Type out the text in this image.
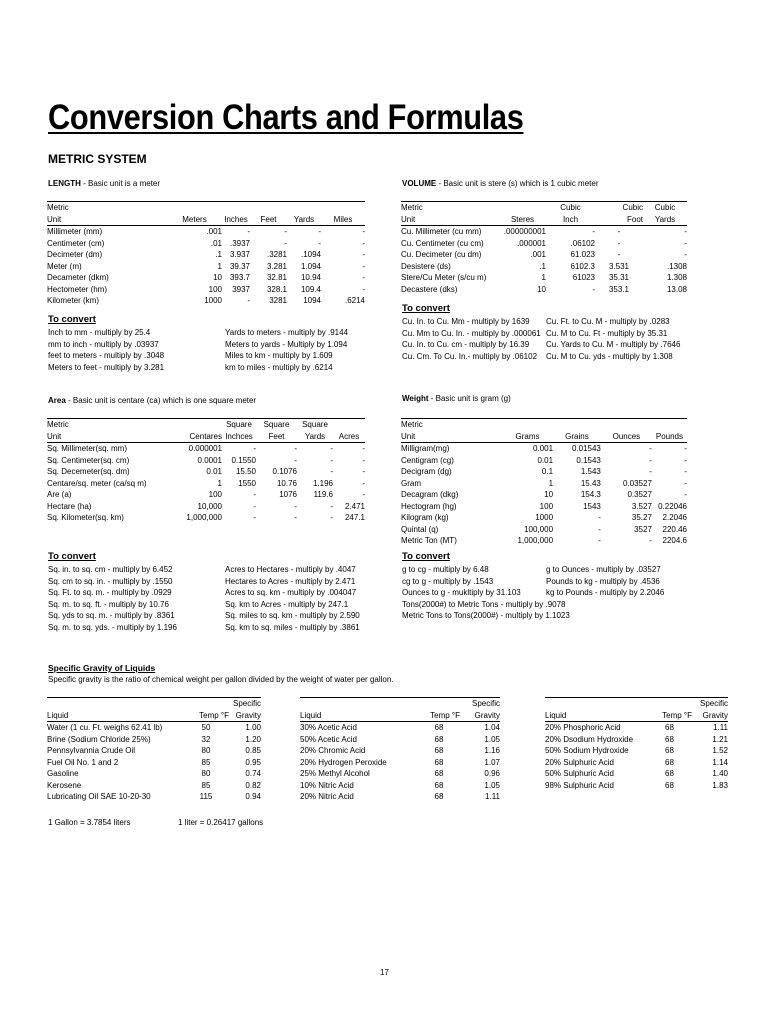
Conversion Charts and Formulas
METRIC SYSTEM
LENGTH - Basic unit is a meter
Metric					
Unit	Meters	Inches	Feet	Yards	Miles
Millimeter (mm)	.001	-	-	-	-
Centimeter (cm)	.01	.3937	-	-	-
Decimeter (dm)	.1	3.937	.3281	.1094	-
Meter (m)	1	39.37	3.281	1.094	-
Decameter (dkm)	10	393.7	32.81	10.94	-
Hectometer (hm)	100	3937	328.1	109.4	-
Kilometer (km)	1000	-	3281	1094	.6214
To convert
Inch to mm - multiply by 25.4
mm to inch - multiply by .03937
feet to meters - multiply by .3048
Meters to feet - multiply by 3.281
Yards to meters - multiply by .9144
Meters to yards - Multiply by 1.094
Miles to km - multiply by 1.609
km to miles - multiply by .6214
VOLUME - Basic unit is stere (s) which is 1 cubic meter
Metric		Cubic	Cubic	Cubic
Unit	Steres	Inch	Foot	Yards
Cu. Millimeter (cu mm)	.000000001	-	-	-
Cu. Centimeter (cu cm)	.000001	.06102	-	-
Cu. Decimeter (cu dm)	.001	61.023	-	-
Desistere (ds)	.1	6102.3	3.531	.1308
Stere/Cu Meter (s/cu m)	1	61023	35.31	1.308
Decastere (dks)	10	-	353.1	13.08
To convert
Cu. In. to Cu. Mm - multiply by 1639
Cu. Mm to Cu. In. - multiply by .000061
Cu. In. to Cu. cm - multiply by 16.39
Cu. Cm. To Cu. In.- multiply by .06102
Cu. Ft. to Cu. M - multiply by .0283
Cu. M to Cu. Ft - multiply by 35.31
Cu. Yards to Cu. M - multiply by .7646
Cu. M to Cu. yds - multiply by 1.308
Area - Basic unit is centare (ca) which is one square meter
Metric		Square	Square	Square	
Unit	Centares	Inchces	Feet	Yards	Acres
Sq. Millimeter(sq. mm)	0.000001	-	-	-	-
Sq. Centimeter(sq. cm)	0.0001	0.1550	-	-	-
Sq. Decemeter(sq. dm)	0.01	15.50	0.1076	-	-
Centare/sq. meter (ca/sq m)	1	1550	10.76	1.196	-
Are (a)	100	-	1076	119.6	-
Hectare (ha)	10,000	-	-	-	2.471
Sq. Kilometer(sq. km)	1,000,000	-	-	-	247.1
To convert
Sq. in. to sq. cm - multiply by 6.452
Sq. cm to sq. in. - multiply by .1550
Sq. Ft. to sq. m. - multiply by .0929
Sq. m. to sq. ft. - multiply by 10.76
Sq. yds to sq. m. - multiply by .8361
Sq. m. to sq. yds. - multiply by 1.196
Acres to Hectares - multiply by .4047
Hectares to Acres - multiply by 2.471
Acres to sq. km - multiply by .004047
Sq. km to Acres - multiply by 247.1
Sq. miles to sq. km - multiply by 2.590
Sq. km to sq. miles - multiply by .3861
Weight - Basic unit is gram (g)
Metric				
Unit	Grams	Grains	Ounces	Pounds
Milligram(mg)	0.001	0.01543	-	-
Centigram (cg)	0.01	0.1543	-	-
Decigram (dg)	0.1	1.543	-	-
Gram	1	15.43	0.03527	-
Decagram (dkg)	10	154.3	0.3527	-
Hectogram (hg)	100	1543	3.527	0.22046
Kilogram (kg)	1000	-	35.27	2.2046
Quintal (q)	100,000	-	3527	220.46
Metric Ton (MT)	1,000,000	-	-	2204.6
To convert
g to cg - multiply by 6.48
cg to g - multiply by .1543
Ounces to g - mukltiply by 31.103
Tons(2000#) to Metric Tons - multiply by .9078
Metric Tons to Tons(2000#) - multiply by 1.1023
g to Ounces - multiply by .03527
Pounds to kg - multiply by .4536
kg to Pounds - multiply by 2.2046
Specific Gravity of Liquids
Specific gravity is the ratio of chemical weight per gallon divided by the weight of water per gallon.
		Specific
Liquid	Temp °F	Gravity
Water (1 cu. Ft. weighs 62.41 lb)	50	1.00
Brine (Sodium Chloride 25%)	32	1.20
Pennsylvannia Crude Oil	80	0.85
Fuel Oil No. 1 and 2	85	0.95
Gasoline	80	0.74
Kerosene	85	0.82
Lubricating Oil SAE 10-20-30	115	0.94
		Specific
Liquid	Temp °F	Gravity
30% Acetic Acid	68	1.04
50% Acetic Acid	68	1.05
20% Chromic Acid	68	1.16
20% Hydrogen Peroxide	68	1.07
25% Methyl Alcohol	68	0.96
10% Nitric Acid	68	1.05
20% Nitric Acid	68	1.11
		Specific
Liquid	Temp °F	Gravity
20% Phosphoric Acid	68	1.11
20% Dsodium Hydroxide	68	1.21
50% Sodium Hydroxide	68	1.52
20% Sulphuric Acid	68	1.14
50% Sulphuric Acid	68	1.40
98% Sulphuric Acid	68	1.83
1 Gallon = 3.7854 liters	1 liter = 0.26417 gallons
17
